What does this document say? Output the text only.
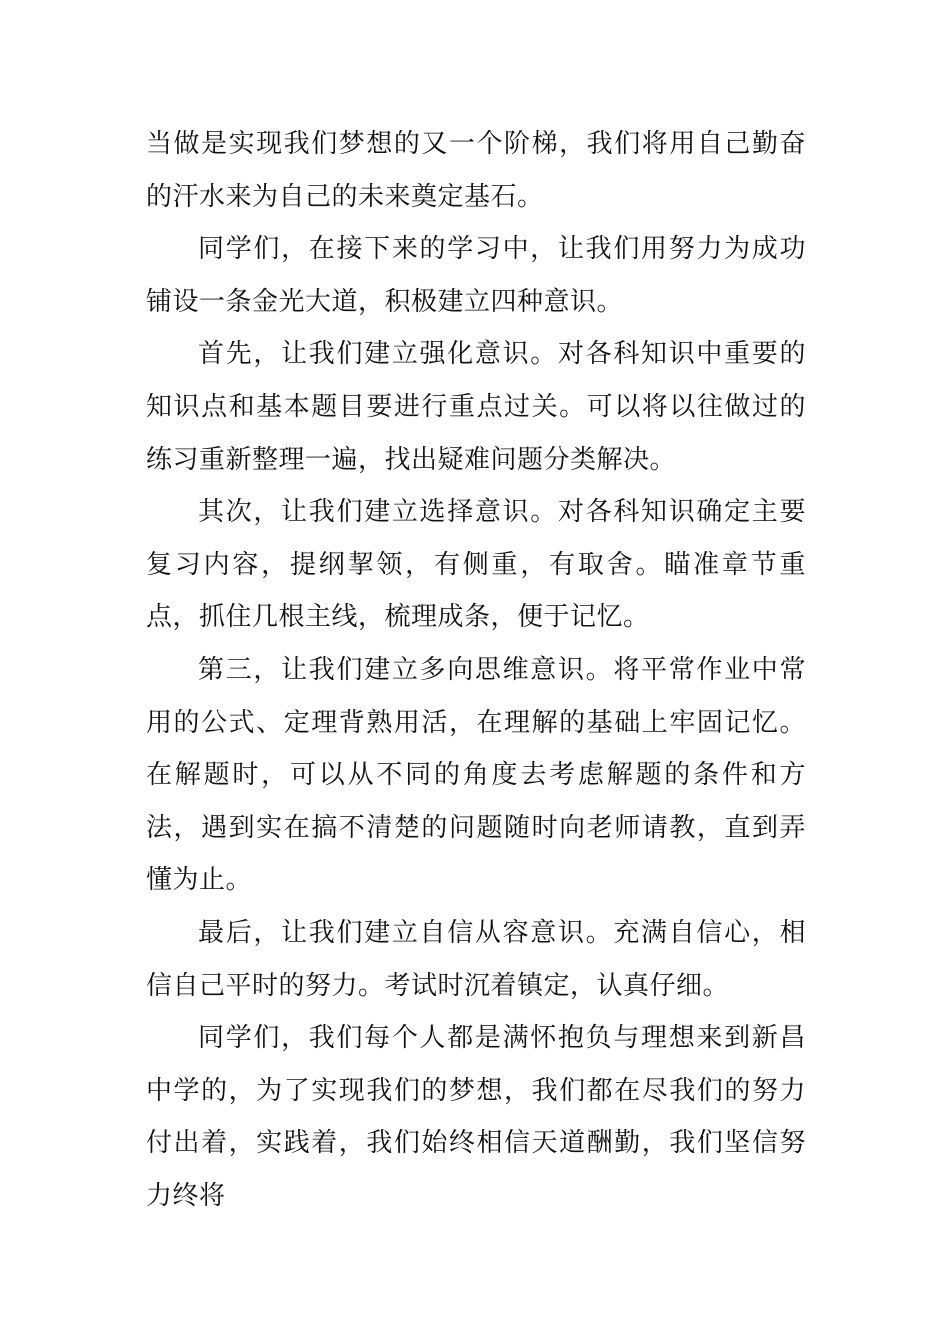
当做是实现我们梦想的又一个阶梯，我们将用自己勤奋的汗水来为自己的未来奠定基石。

同学们，在接下来的学习中，让我们用努力为成功铺设一条金光大道，积极建立四种意识。

首先，让我们建立强化意识。对各科知识中重要的知识点和基本题目要进行重点过关。可以将以往做过的练习重新整理一遍，找出疑难问题分类解决。

其次，让我们建立选择意识。对各科知识确定主要复习内容，提纲挈领，有侧重，有取舍。瞄准章节重点，抓住几根主线，梳理成条，便于记忆。

第三，让我们建立多向思维意识。将平常作业中常用的公式、定理背熟用活，在理解的基础上牢固记忆。在解题时，可以从不同的角度去考虑解题的条件和方法，遇到实在搞不清楚的问题随时向老师请教，直到弄懂为止。

最后，让我们建立自信从容意识。充满自信心，相信自己平时的努力。考试时沉着镇定，认真仔细。

同学们，我们每个人都是满怀抱负与理想来到新昌中学的，为了实现我们的梦想，我们都在尽我们的努力付出着，实践着，我们始终相信天道酬勤，我们坚信努力终将
